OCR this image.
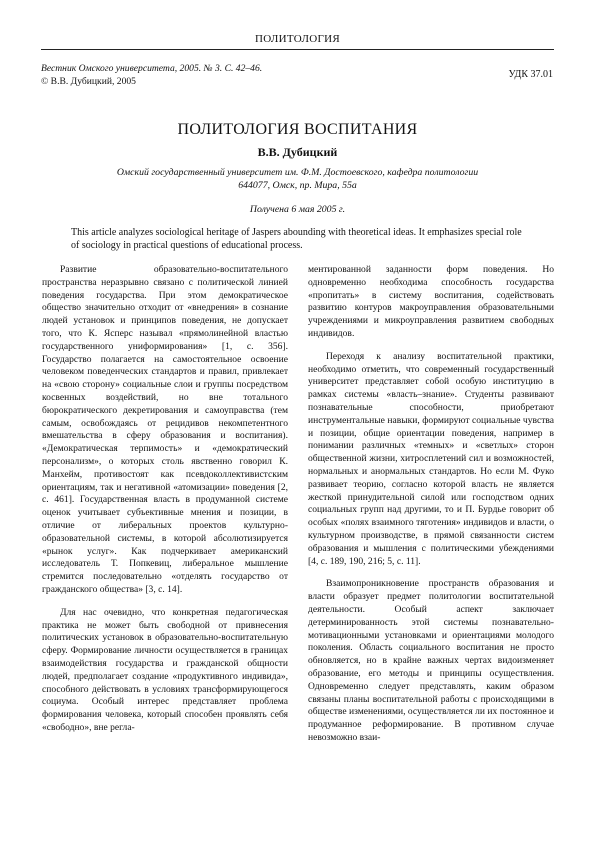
ПОЛИТОЛОГИЯ
Вестник Омского университета, 2005. № 3. С. 42–46.
© В.В. Дубицкий, 2005
УДК 37.01
ПОЛИТОЛОГИЯ ВОСПИТАНИЯ
В.В. Дубицкий
Омский государственный университет им. Ф.М. Достоевского, кафедра политологии
644077, Омск, пр. Мира, 55а
Получена 6 мая 2005 г.
This article analyzes sociological heritage of Jaspers abounding with theoretical ideas. It emphasizes special role of sociology in practical questions of educational process.

Развитие образовательно-воспитательного пространства неразрывно связано с политической линией поведения государства. При этом демократическое общество значительно отходит от «внедрения» в сознание людей установок и принципов поведения, не допускает того, что К. Ясперс называл «прямолинейной властью государственного униформирования» [1, с. 356]. Государство полагается на самостоятельное освоение человеком поведенческих стандартов и правил, привлекает на «свою сторону» социальные слои и группы посредством косвенных воздействий, но вне тотального бюрократического декретирования и самоуправства (тем самым, освобождаясь от рецидивов некомпетентного вмешательства в сферу образования и воспитания). «Демократическая терпимость» и «демократический персонализм», о которых столь явственно говорил К. Манхейм, противостоят как псевдоколлективистским ориентациям, так и негативной «атомизации» поведения [2, с. 461]. Государственная власть в продуманной системе оценок учитывает субъективные мнения и позиции, в отличие от либеральных проектов культурно-образовательной системы, в которой абсолютизируется «рынок услуг». Как подчеркивает американский исследователь Т. Попкевиц, либеральное мышление стремится последовательно «отделять государство от гражданского общества» [3, с. 14].

Для нас очевидно, что конкретная педагогическая практика не может быть свободной от привнесения политических установок в образовательно-воспитательную сферу. Формирование личности осуществляется в границах взаимодействия государства и гражданской общности людей, предполагает создание «продуктивного индивида», способного действовать в условиях трансформирующегося социума. Особый интерес представляет проблема формирования человека, который способен проявлять себя «свободно», вне регла-

ментированной заданности форм поведения. Но одновременно необходима способность государства «пропитать» в систему воспитания, содействовать развитию контуров макроуправления образовательными учреждениями и микроуправления развитием свободных индивидов.

Переходя к анализу воспитательной практики, необходимо отметить, что современный государственный университет представляет собой особую институцию в рамках системы «власть–знание». Студенты развивают познавательные способности, приобретают инструментальные навыки, формируют социальные чувства и позиции, общие ориентации поведения, например в понимании различных «темных» и «светлых» сторон общественной жизни, хитросплетений сил и возможностей, нормальных и анормальных стандартов. Но если М. Фуко развивает теорию, согласно которой власть не является жесткой принудительной силой или господством одних социальных групп над другими, то и П. Бурдье говорит об особых «полях взаимного тяготения» индивидов и власти, о культурном производстве, в прямой связанности систем образования и мышления с политическими убеждениями [4, с. 189, 190, 216; 5, с. 11].

Взаимопроникновение пространств образования и власти образует предмет политологии воспитательной деятельности. Особый аспект заключает детерминированность этой системы познавательно-мотивационными установками и ориентациями молодого поколения. Область социального воспитания не просто обновляется, но в крайне важных чертах видоизменяет образование, его методы и принципы осуществления. Одновременно следует представлять, каким образом связаны планы воспитательной работы с происходящими в обществе изменениями, осуществляется ли их постоянное и продуманное реформирование. В противном случае невозможно взаи-
